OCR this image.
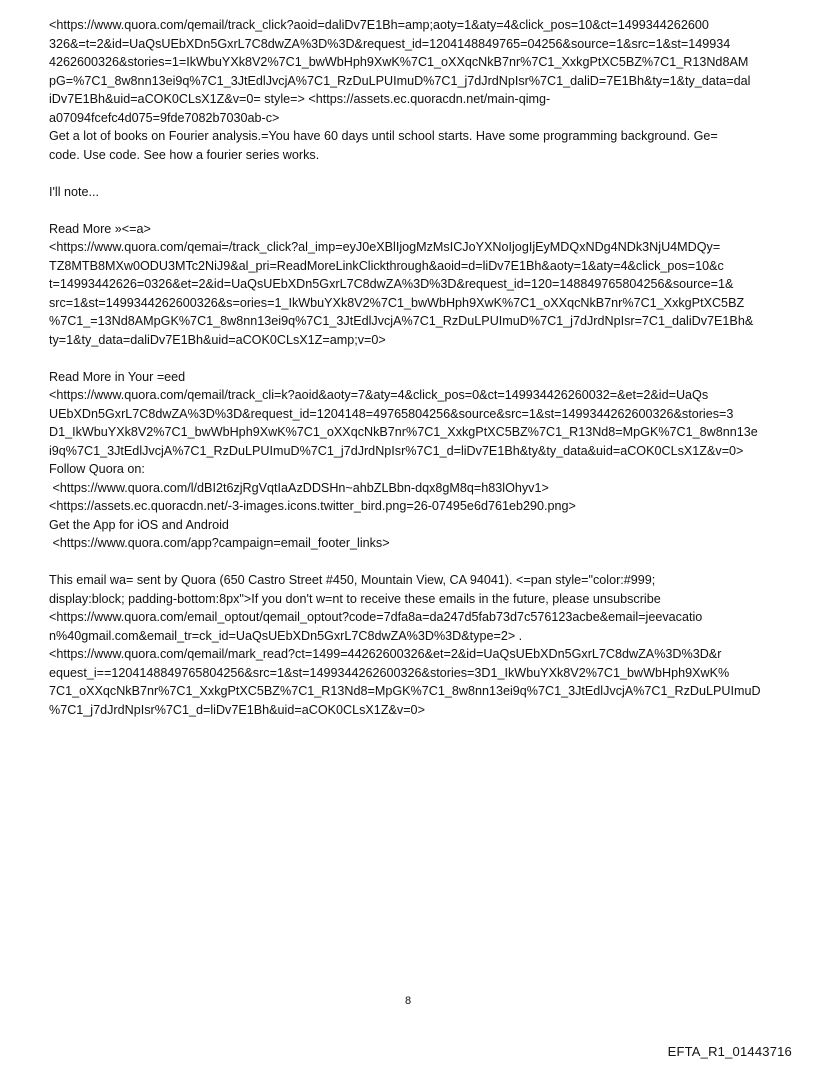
<https://www.quora.com/qemail/track_click?aoid=daliDv7E1Bh=amp;aoty=1&aty=4&click_pos=10&ct=1499344262600
326&=t=2&id=UaQsUEbXDn5GxrL7C8dwZA%3D%3D&request_id=1204148849765=04256&source=1&src=1&st=149934
4262600326&stories=1=IkWbuYXk8V2%7C1_bwWbHph9XwK%7C1_oXXqcNkB7nr%7C1_XxkgPtXC5BZ%7C1_R13Nd8AM
pG=%7C1_8w8nn13ei9q%7C1_3JtEdlJvcjA%7C1_RzDuLPUImuD%7C1_j7dJrdNpIsr%7C1_daliD=7E1Bh&ty=1&ty_data=dal
iDv7E1Bh&uid=aCOK0CLsX1Z&v=0= style=> <https://assets.ec.quoracdn.net/main-qimg-
a07094fcefc4d075=9fde7082b7030ab-c>
Get a lot of books on Fourier analysis.=You have 60 days until school starts. Have some programming background. Ge=
code. Use code. See how a fourier series works.
I'll note...
Read More »<=a>
<https://www.quora.com/qemai=/track_click?al_imp=eyJ0eXBlIjogMzMsICJoYXNoIjogIjEyMDQxNDg4NDk3NjU4MDQy=
TZ8MTB8MXw0ODU3MTc2NiJ9&al_pri=ReadMoreLinkClickthrough&aoid=d=liDv7E1Bh&aoty=1&aty=4&click_pos=10&c
t=14993442626=0326&et=2&id=UaQsUEbXDn5GxrL7C8dwZA%3D%3D&request_id=120=148849765804256&source=1&
src=1&st=1499344262600326&s=ories=1_IkWbuYXk8V2%7C1_bwWbHph9XwK%7C1_oXXqcNkB7nr%7C1_XxkgPtXC5BZ
%7C1_=13Nd8AMpGK%7C1_8w8nn13ei9q%7C1_3JtEdlJvcjA%7C1_RzDuLPUImuD%7C1_j7dJrdNpIsr=7C1_daliDv7E1Bh&
ty=1&ty_data=daliDv7E1Bh&uid=aCOK0CLsX1Z=amp;v=0>
Read More in Your =eed
<https://www.quora.com/qemail/track_cli=k?aoid&aoty=7&aty=4&click_pos=0&ct=149934426260032=&et=2&id=UaQs
UEbXDn5GxrL7C8dwZA%3D%3D&request_id=1204148=49765804256&source&src=1&st=1499344262600326&stories=3
D1_IkWbuYXk8V2%7C1_bwWbHph9XwK%7C1_oXXqcNkB7nr%7C1_XxkgPtXC5BZ%7C1_R13Nd8=MpGK%7C1_8w8nn13e
i9q%7C1_3JtEdlJvcjA%7C1_RzDuLPUImuD%7C1_j7dJrdNpIsr%7C1_d=liDv7E1Bh&ty&ty_data&uid=aCOK0CLsX1Z&v=0>
Follow Quora on:
<https://www.quora.com/l/dBI2t6zjRgVqtIaAzDDSHn~ahbZLBbn-dqx8gM8q=h83lOhyv1>
<https://assets.ec.quoracdn.net/-3-images.icons.twitter_bird.png=26-07495e6d761eb290.png>
Get the App for iOS and Android
<https://www.quora.com/app?campaign=email_footer_links>
This email wa= sent by Quora (650 Castro Street #450, Mountain View, CA 94041). <=pan style="color:#999;
display:block; padding-bottom:8px">If you don't w=nt to receive these emails in the future, please unsubscribe
<https://www.quora.com/email_optout/qemail_optout?code=7dfa8a=da247d5fab73d7c576123acbe&email=jeevacatio
n%40gmail.com&email_tr=ck_id=UaQsUEbXDn5GxrL7C8dwZA%3D%3D&type=2> .
<https://www.quora.com/qemail/mark_read?ct=1499=44262600326&et=2&id=UaQsUEbXDn5GxrL7C8dwZA%3D%3D&r
equest_i==1204148849765804256&src=1&st=1499344262600326&stories=3D1_IkWbuYXk8V2%7C1_bwWbHph9XwK%
7C1_oXXqcNkB7nr%7C1_XxkgPtXC5BZ%7C1_R13Nd8=MpGK%7C1_8w8nn13ei9q%7C1_3JtEdlJvcjA%7C1_RzDuLPUImuD
%7C1_j7dJrdNpIsr%7C1_d=liDv7E1Bh&uid=aCOK0CLsX1Z&v=0>
8
EFTA_R1_01443716
